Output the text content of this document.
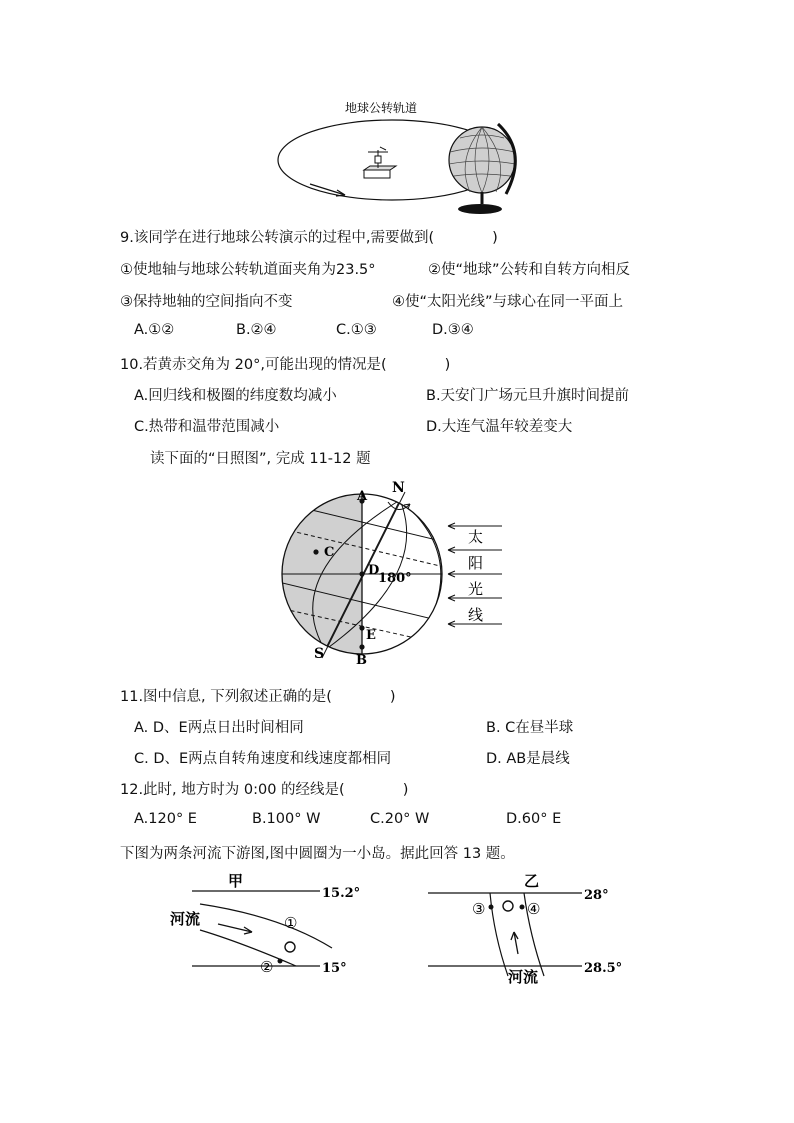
地球公转轨道
9.该同学在进行地球公转演示的过程中,需要做到(　　　　)
①使地轴与地球公转轨道面夹角为23.5°	②使“地球”公转和自转方向相反
③保持地轴的空间指向不变	④使“太阳光线”与球心在同一平面上
A.①②	B.②④	C.①③	D.③④
10.若黄赤交角为 20°,可能出现的情况是(　　　　)
A.回归线和极圈的纬度数均减小	B.天安门广场元旦升旗时间提前
C.热带和温带范围减小	D.大连气温年较差变大
读下面的“日照图”, 完成 11-12 题
A
B
C
D
E
N
S
180°
太
阳
光
线
11.图中信息, 下列叙述正确的是(　　　　)
A. D、E两点日出时间相同	B. C在昼半球
C. D、E两点自转角速度和线速度都相同	D. AB是晨线
12.此时, 地方时为 0:00 的经线是(　　　　)
A.120° E	B.100° W	C.20° W	D.60° E
下图为两条河流下游图,图中圆圈为一小岛。据此回答 13 题。
甲
15.2°
15°
河流	①
②
乙
28°
28.5°
河流
③	④
